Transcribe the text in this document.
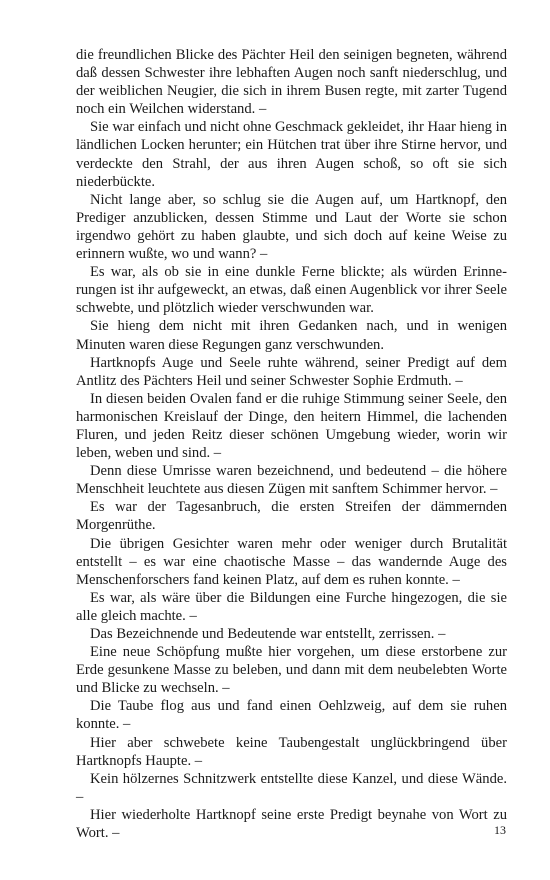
die freundlichen Blicke des Pächter Heil den seinigen begneten, während daß dessen Schwester ihre lebhaften Augen noch sanft niederschlug, und der weiblichen Neugier, die sich in ihrem Busen regte, mit zarter Tugend noch ein Weilchen widerstand. –

Sie war einfach und nicht ohne Geschmack gekleidet, ihr Haar hieng in ländlichen Locken herunter; ein Hütchen trat über ihre Stirne hervor, und verdeckte den Strahl, der aus ihren Augen schoß, so oft sie sich niederbückte.

Nicht lange aber, so schlug sie die Augen auf, um Hartknopf, den Prediger anzublicken, dessen Stimme und Laut der Worte sie schon irgendwo gehört zu haben glaubte, und sich doch auf keine Weise zu erinnern wußte, wo und wann? –

Es war, als ob sie in eine dunkle Ferne blickte; als würden Erinnerungen ist ihr aufgeweckt, an etwas, daß einen Augenblick vor ihrer Seele schwebte, und plötzlich wieder verschwunden war.

Sie hieng dem nicht mit ihren Gedanken nach, und in wenigen Minuten waren diese Regungen ganz verschwunden.

Hartknopfs Auge und Seele ruhte während, seiner Predigt auf dem Antlitz des Pächters Heil und seiner Schwester Sophie Erdmuth. –

In diesen beiden Ovalen fand er die ruhige Stimmung seiner Seele, den harmonischen Kreislauf der Dinge, den heitern Himmel, die lachenden Fluren, und jeden Reitz dieser schönen Umgebung wieder, worin wir leben, weben und sind. –

Denn diese Umrisse waren bezeichnend, und bedeutend – die höhere Menschheit leuchtete aus diesen Zügen mit sanftem Schimmer hervor. –

Es war der Tagesanbruch, die ersten Streifen der dämmernden Morgenrüthe.

Die übrigen Gesichter waren mehr oder weniger durch Brutalität entstellt – es war eine chaotische Masse – das wandernde Auge des Menschenforschers fand keinen Platz, auf dem es ruhen konnte. –

Es war, als wäre über die Bildungen eine Furche hingezogen, die sie alle gleich machte. –

Das Bezeichnende und Bedeutende war entstellt, zerrissen. –

Eine neue Schöpfung mußte hier vorgehen, um diese erstorbene zur Erde gesunkene Masse zu beleben, und dann mit dem neubelebten Worte und Blicke zu wechseln. –

Die Taube flog aus und fand einen Oehlzweig, auf dem sie ruhen konnte. –

Hier aber schwebete keine Taubengestalt unglückbringend über Hartknopfs Haupte. –

Kein hölzernes Schnitzwerk entstellte diese Kanzel, und diese Wände. –

Hier wiederholte Hartknopf seine erste Predigt beynahe von Wort zu Wort. –	13
